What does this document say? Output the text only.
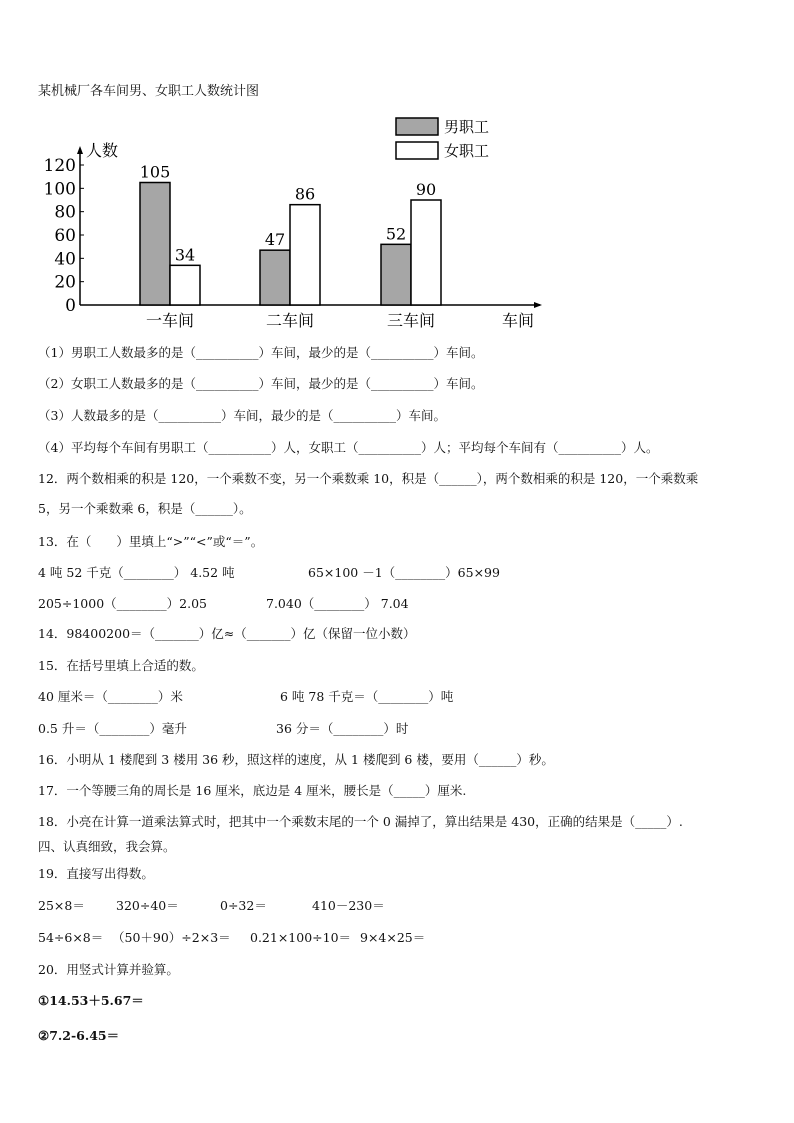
某机械厂各车间男、女职工人数统计图
0
20
40
60
80
100
120
人数
车间
105
34
一车间
47
86
二车间
52
90
三车间
男职工
女职工
（1）男职工人数最多的是（__________）车间，最少的是（__________）车间。
（2）女职工人数最多的是（__________）车间，最少的是（__________）车间。
（3）人数最多的是（__________）车间，最少的是（__________）车间。
（4）平均每个车间有男职工（__________）人，女职工（__________）人；平均每个车间有（__________）人。
12．两个数相乘的积是 120，一个乘数不变，另一个乘数乘 10，积是（______），两个数相乘的积是 120，一个乘数乘
5，另一个乘数乘 6，积是（______）。
13．在（　　）里填上“>”“<”或“＝”。
4 吨 52 千克（________） 4.52 吨	65×100 －1（________）65×99
205÷1000（________）2.05	7.040（________） 7.04
14．98400200＝（_______）亿≈（_______）亿（保留一位小数）
15．在括号里填上合适的数。
40 厘米＝（________）米	6 吨 78 千克＝（________）吨
0.5 升＝（________）毫升	36 分＝（________）时
16．小明从 1 楼爬到 3 楼用 36 秒，照这样的速度，从 1 楼爬到 6 楼，要用（______）秒。
17．一个等腰三角的周长是 16 厘米，底边是 4 厘米，腰长是（_____）厘米.
18．小亮在计算一道乘法算式时，把其中一个乘数末尾的一个 0 漏掉了，算出结果是 430，正确的结果是（_____）.
四、认真细致，我会算。
19．直接写出得数。
25×8＝ 320÷40＝	0÷32＝	410－230＝
54÷6×8＝ （50＋90）÷2×3＝ 0.21×100÷10＝ 9×4×25＝
20．用竖式计算并验算。
①14.53＋5.67＝
②7.2-6.45＝
